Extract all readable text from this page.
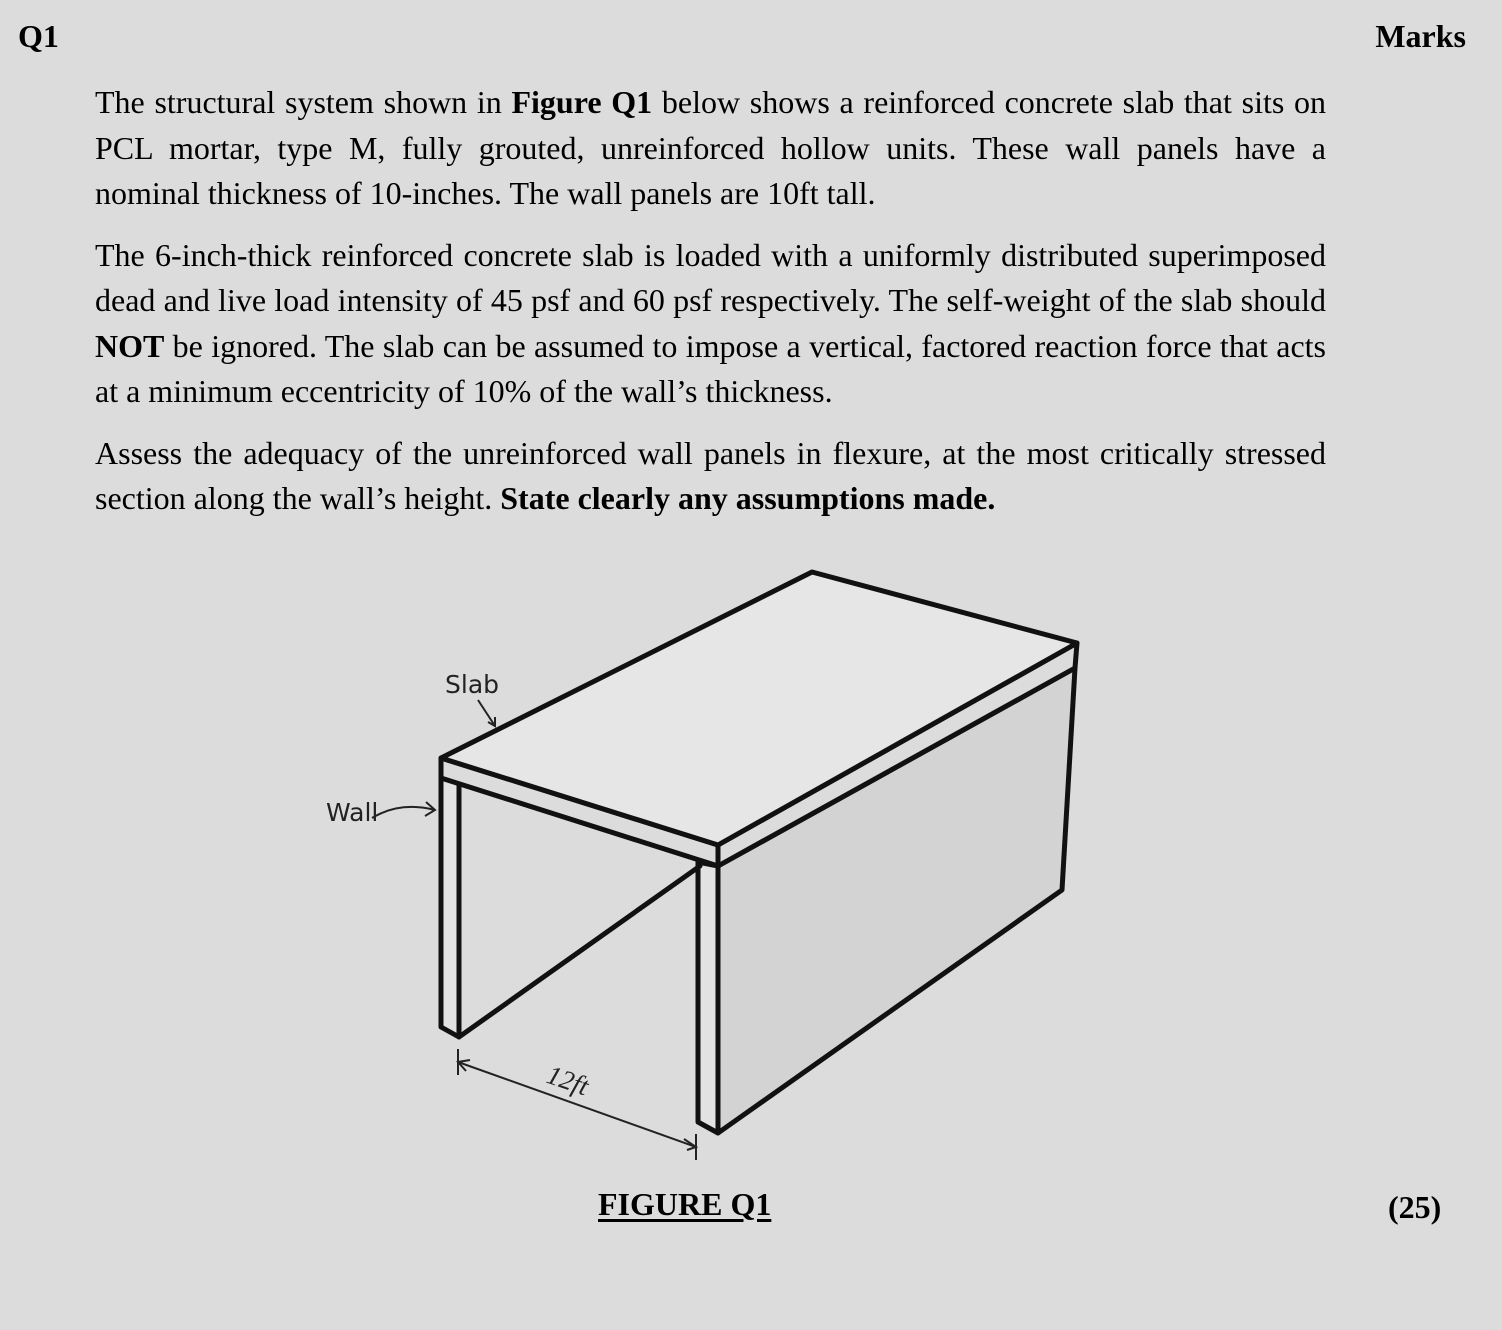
Q1	Marks

The structural system shown in Figure Q1 below shows a reinforced concrete slab that sits on PCL mortar, type M, fully grouted, unreinforced hollow units. These wall panels have a nominal thickness of 10-inches. The wall panels are 10ft tall.

The 6-inch-thick reinforced concrete slab is loaded with a uniformly distributed superimposed dead and live load intensity of 45 psf and 60 psf respectively. The self-weight of the slab should NOT be ignored. The slab can be assumed to impose a vertical, factored reaction force that acts at a minimum eccentricity of 10% of the wall’s thickness.

Assess the adequacy of the unreinforced wall panels in flexure, at the most critically stressed section along the wall’s height. State clearly any assumptions made.

Slab
Wall
12ft
FIGURE Q1	(25)
